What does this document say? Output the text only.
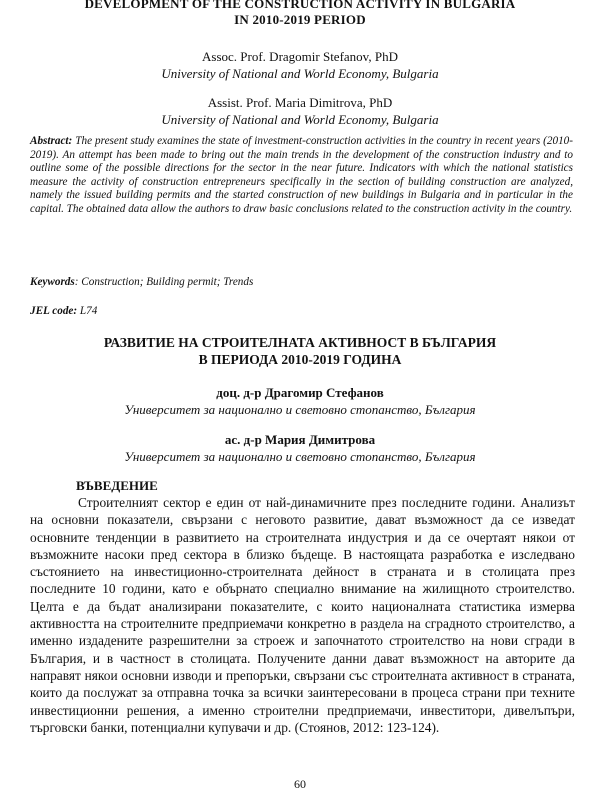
DEVELOPMENT OF THE CONSTRUCTION ACTIVITY IN BULGARIA
IN 2010-2019 PERIOD
Assoc. Prof. Dragomir Stefanov, PhD
University of National and World Economy, Bulgaria
Assist. Prof. Maria Dimitrova, PhD
University of National and World Economy, Bulgaria
Abstract: The present study examines the state of investment-construction activities in the country in recent years (2010-2019). An attempt has been made to bring out the main trends in the development of the construction industry and to outline some of the possible directions for the sector in the near future. Indicators with which the national statistics measure the activity of construction entrepreneurs specifically in the section of building construction are analyzed, namely the issued building permits and the started construction of new buildings in Bulgaria and in particular in the capital. The obtained data allow the authors to draw basic conclusions related to the construction activity in the country.
Keywords: Construction; Building permit; Trends
JEL code: L74
РАЗВИТИЕ НА СТРОИТЕЛНАТА АКТИВНОСТ В БЪЛГАРИЯ
В ПЕРИОДА 2010-2019 ГОДИНА
доц. д-р Драгомир Стефанов
Университет за национално и световно стопанство, България
ас. д-р Мария Димитрова
Университет за национално и световно стопанство, България
ВЪВЕДЕНИЕ
Строителният сектор е един от най-динамичните през последните години. Анализът на основни показатели, свързани с неговото развитие, дават възможност да се изведат основните тенденции в развитието на строителната индустрия и да се очертаят някои от възможните насоки пред сектора в близко бъдеще. В настоящата разработка е изследвано състоянието на инвестиционно-строителната дейност в страната и в столицата през последните 10 години, като е обърнато специално внимание на жилищното строителство. Целта е да бъдат анализирани показателите, с които националната статистика измерва активността на строителните предприемачи конкретно в раздела на сградното строителство, а именно издадените разрешителни за строеж и започнатото строителство на нови сгради в България, и в частност в столицата. Получените данни дават възможност на авторите да направят някои основни изводи и препоръки, свързани със строителната активност в страната, които да послужат за отправна точка за всички заинтересовани в процеса страни при техните инвестиционни решения, а именно строителни предприемачи, инвеститори, дивелъпъри, търговски банки, потенциални купувачи и др. (Стоянов, 2012: 123-124).
60
